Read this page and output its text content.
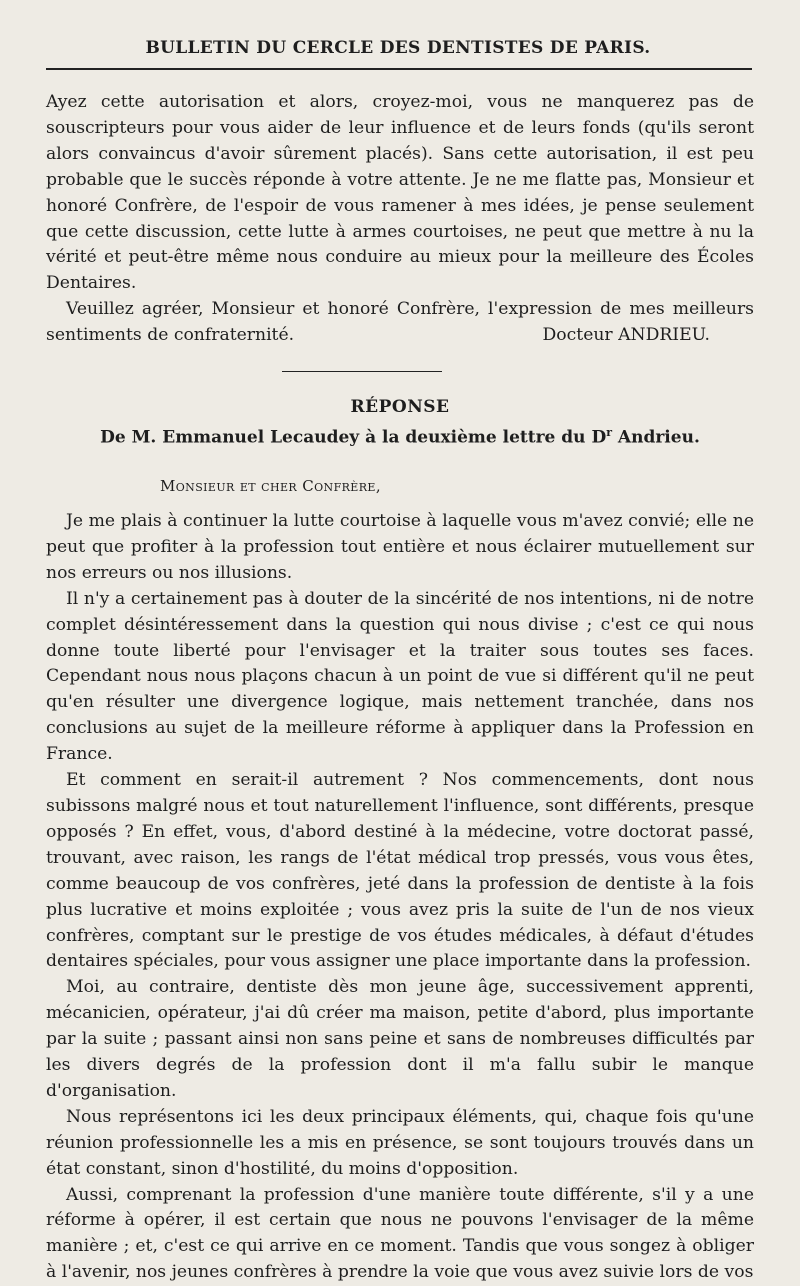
BULLETIN DU CERCLE DES DENTISTES DE PARIS.

Ayez cette autorisation et alors, croyez-moi, vous ne manquerez pas de souscripteurs pour vous aider de leur influence et de leurs fonds (qu'ils seront alors convaincus d'avoir sûrement placés). Sans cette autorisation, il est peu probable que le succès réponde à votre attente. Je ne me flatte pas, Monsieur et honoré Confrère, de l'espoir de vous ramener à mes idées, je pense seulement que cette discussion, cette lutte à armes courtoises, ne peut que mettre à nu la vérité et peut-être même nous conduire au mieux pour la meilleure des Écoles Dentaires.

Veuillez agréer, Monsieur et honoré Confrère, l'expression de mes meilleurs sentiments de confraternité.	Docteur ANDRIEU.
RÉPONSE
De M. Emmanuel Lecaudey à la deuxième lettre du $D^r$ Andrieu.
Monsieur et cher Confrère,

Je me plais à continuer la lutte courtoise à laquelle vous m'avez convié; elle ne peut que profiter à la profession tout entière et nous éclairer mutuellement sur nos erreurs ou nos illusions.

Il n'y a certainement pas à douter de la sincérité de nos intentions, ni de notre complet désintéressement dans la question qui nous divise ; c'est ce qui nous donne toute liberté pour l'envisager et la traiter sous toutes ses faces. Cependant nous nous plaçons chacun à un point de vue si différent qu'il ne peut qu'en résulter une divergence logique, mais nettement tranchée, dans nos conclusions au sujet de la meilleure réforme à appliquer dans la Profession en France.

Et comment en serait-il autrement ? Nos commencements, dont nous subissons malgré nous et tout naturellement l'influence, sont différents, presque opposés ? En effet, vous, d'abord destiné à la médecine, votre doctorat passé, trouvant, avec raison, les rangs de l'état médical trop pressés, vous vous êtes, comme beaucoup de vos confrères, jeté dans la profession de dentiste à la fois plus lucrative et moins exploitée ; vous avez pris la suite de l'un de nos vieux confrères, comptant sur le prestige de vos études médicales, à défaut d'études dentaires spéciales, pour vous assigner une place importante dans la profession.

Moi, au contraire, dentiste dès mon jeune âge, successivement apprenti, mécanicien, opérateur, j'ai dû créer ma maison, petite d'abord, plus importante par la suite ; passant ainsi non sans peine et sans de nombreuses difficultés par les divers degrés de la profession dont il m'a fallu subir le manque d'organisation.

Nous représentons ici les deux principaux éléments, qui, chaque fois qu'une réunion professionnelle les a mis en présence, se sont toujours trouvés dans un état constant, sinon d'hostilité, du moins d'opposition.

Aussi, comprenant la profession d'une manière toute différente, s'il y a une réforme à opérer, il est certain que nous ne pouvons l'envisager de la même manière ; et, c'est ce qui arrive en ce moment. Tandis que vous songez à obliger à l'avenir, nos jeunes confrères à prendre la voie que vous avez suivie lors de vos
